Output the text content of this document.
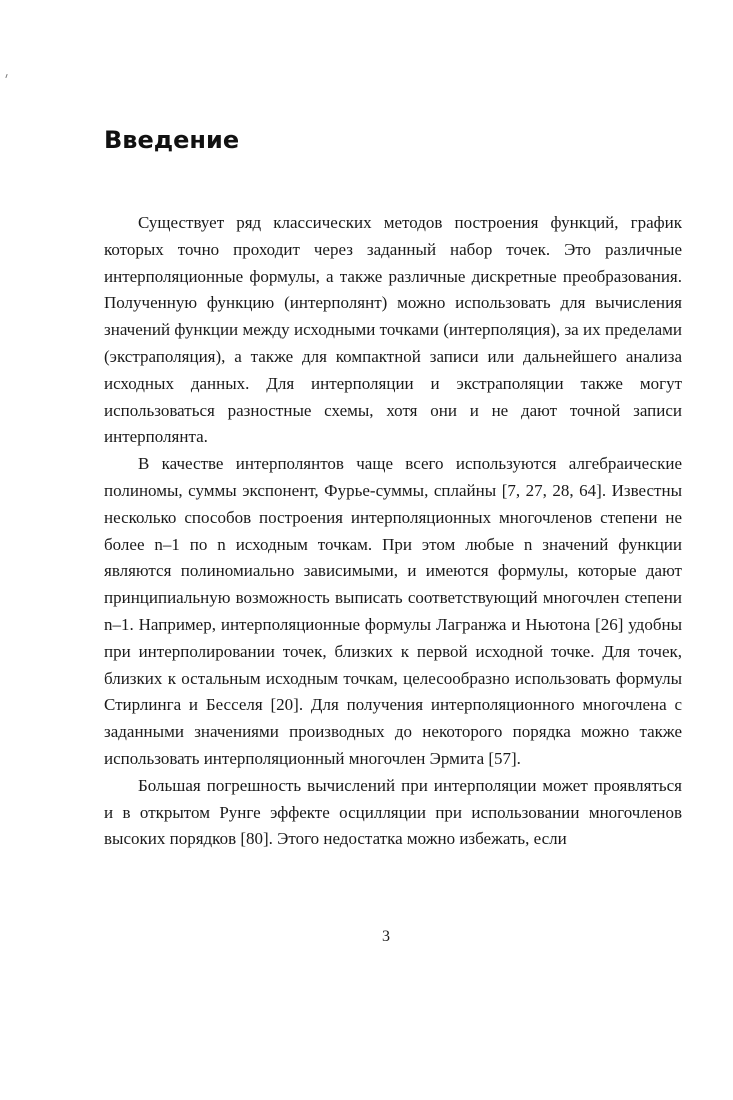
Введение

Существует ряд классических методов построения функций, график которых точно проходит через заданный набор точек. Это различные интерполяционные формулы, а также различные дискретные преобразования. Полученную функцию (интерполянт) можно использовать для вычисления значений функции между исходными точками (интерполяция), за их пределами (экстраполяция), а также для компактной записи или дальнейшего анализа исходных данных. Для интерполяции и экстраполяции также могут использоваться разностные схемы, хотя они и не дают точной записи интерполянта.

В качестве интерполянтов чаще всего используются алгебраические полиномы, суммы экспонент, Фурье-суммы, сплайны [7, 27, 28, 64]. Известны несколько способов построения интерполяционных многочленов степени не более n–1 по n исходным точкам. При этом любые n значений функции являются полиномиально зависимыми, и имеются формулы, которые дают принципиальную возможность выписать соответствующий многочлен степени n–1. Например, интерполяционные формулы Лагранжа и Ньютона [26] удобны при интерполировании точек, близких к первой исходной точке. Для точек, близких к остальным исходным точкам, целесообразно использовать формулы Стирлинга и Бесселя [20]. Для получения интерполяционного многочлена с заданными значениями производных до некоторого порядка можно также использовать интерполяционный многочлен Эрмита [57].

Большая погрешность вычислений при интерполяции может проявляться и в открытом Рунге эффекте осцилляции при использовании многочленов высоких порядков [80]. Этого недостатка можно избежать, если

3
